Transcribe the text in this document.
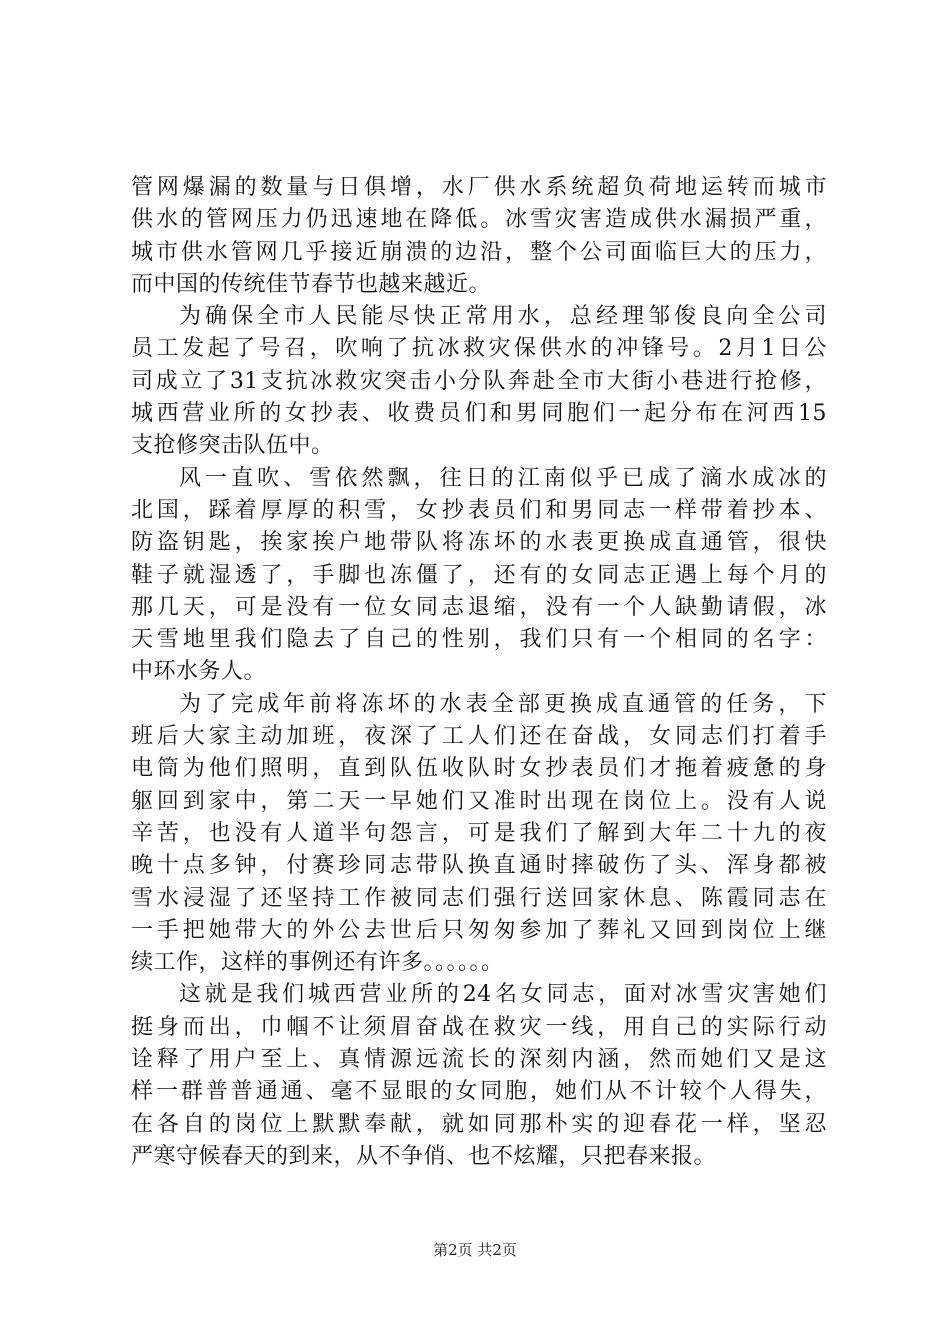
管网爆漏的数量与日俱增，水厂供水系统超负荷地运转而城市
供水的管网压力仍迅速地在降低。冰雪灾害造成供水漏损严重，
城市供水管网几乎接近崩溃的边沿，整个公司面临巨大的压力，
而中国的传统佳节春节也越来越近。
为确保全市人民能尽快正常用水，总经理邹俊良向全公司
员工发起了号召，吹响了抗冰救灾保供水的冲锋号。2月1日公
司成立了31支抗冰救灾突击小分队奔赴全市大街小巷进行抢修，
城西营业所的女抄表、收费员们和男同胞们一起分布在河西15
支抢修突击队伍中。
风一直吹、雪依然飘，往日的江南似乎已成了滴水成冰的
北国，踩着厚厚的积雪，女抄表员们和男同志一样带着抄本、
防盗钥匙，挨家挨户地带队将冻坏的水表更换成直通管，很快
鞋子就湿透了，手脚也冻僵了，还有的女同志正遇上每个月的
那几天，可是没有一位女同志退缩，没有一个人缺勤请假，冰
天雪地里我们隐去了自己的性别，我们只有一个相同的名字：
中环水务人。
为了完成年前将冻坏的水表全部更换成直通管的任务，下
班后大家主动加班，夜深了工人们还在奋战，女同志们打着手
电筒为他们照明，直到队伍收队时女抄表员们才拖着疲惫的身
躯回到家中，第二天一早她们又准时出现在岗位上。没有人说
辛苦，也没有人道半句怨言，可是我们了解到大年二十九的夜
晚十点多钟，付赛珍同志带队换直通时摔破伤了头、浑身都被
雪水浸湿了还坚持工作被同志们强行送回家休息、陈霞同志在
一手把她带大的外公去世后只匆匆参加了葬礼又回到岗位上继
续工作，这样的事例还有许多。。。。。。
这就是我们城西营业所的24名女同志，面对冰雪灾害她们
挺身而出，巾帼不让须眉奋战在救灾一线，用自己的实际行动
诠释了用户至上、真情源远流长的深刻内涵，然而她们又是这
样一群普普通通、毫不显眼的女同胞，她们从不计较个人得失，
在各自的岗位上默默奉献，就如同那朴实的迎春花一样，坚忍
严寒守候春天的到来，从不争俏、也不炫耀，只把春来报。
第2页 共2页
